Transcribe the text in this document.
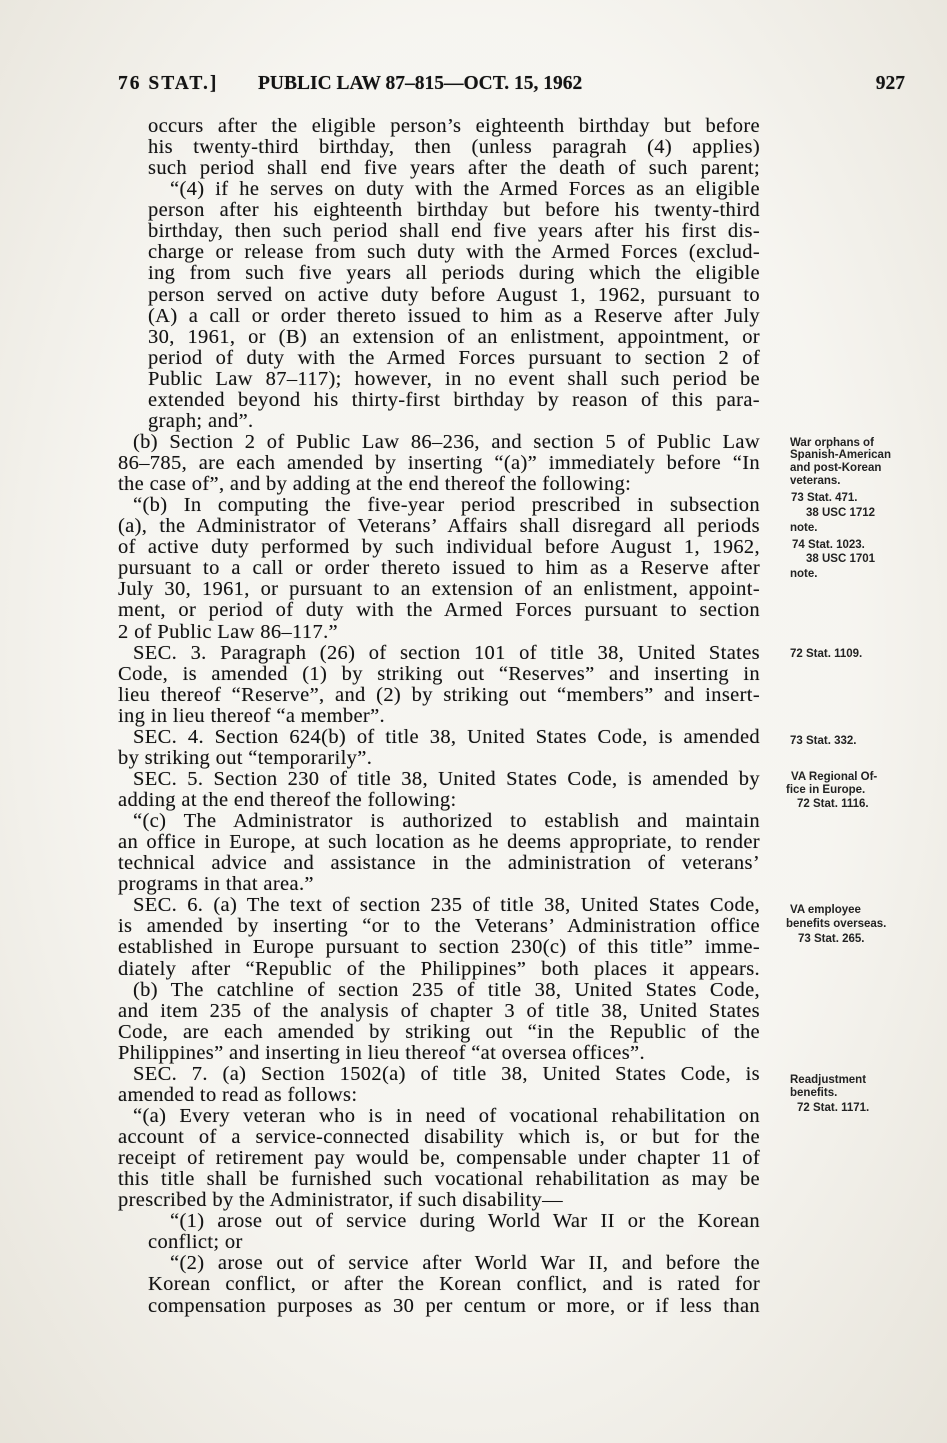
76 STAT.] PUBLIC LAW 87–815—OCT. 15, 1962	927
occurs after the eligible person’s eighteenth birthday but before
his twenty-third birthday, then (unless paragrah (4) applies)
such period shall end five years after the death of such parent;
“(4) if he serves on duty with the Armed Forces as an eligible
person after his eighteenth birthday but before his twenty-third
birthday, then such period shall end five years after his first dis-
charge or release from such duty with the Armed Forces (exclud-
ing from such five years all periods during which the eligible
person served on active duty before August 1, 1962, pursuant to
(A) a call or order thereto issued to him as a Reserve after July
30, 1961, or (B) an extension of an enlistment, appointment, or
period of duty with the Armed Forces pursuant to section 2 of
Public Law 87–117); however, in no event shall such period be
extended beyond his thirty-first birthday by reason of this para-
graph; and”.
(b) Section 2 of Public Law 86–236, and section 5 of Public Law
86–785, are each amended by inserting “(a)” immediately before “In
the case of”, and by adding at the end thereof the following:
“(b) In computing the five-year period prescribed in subsection
(a), the Administrator of Veterans’ Affairs shall disregard all periods
of active duty performed by such individual before August 1, 1962,
pursuant to a call or order thereto issued to him as a Reserve after
July 30, 1961, or pursuant to an extension of an enlistment, appoint-
ment, or period of duty with the Armed Forces pursuant to section
2 of Public Law 86–117.”
SEC. 3. Paragraph (26) of section 101 of title 38, United States
Code, is amended (1) by striking out “Reserves” and inserting in
lieu thereof “Reserve”, and (2) by striking out “members” and insert-
ing in lieu thereof “a member”.
SEC. 4. Section 624(b) of title 38, United States Code, is amended
by striking out “temporarily”.
SEC. 5. Section 230 of title 38, United States Code, is amended by
adding at the end thereof the following:
“(c) The Administrator is authorized to establish and maintain
an office in Europe, at such location as he deems appropriate, to render
technical advice and assistance in the administration of veterans’
programs in that area.”
SEC. 6. (a) The text of section 235 of title 38, United States Code,
is amended by inserting “or to the Veterans’ Administration office
established in Europe pursuant to section 230(c) of this title” imme-
diately after “Republic of the Philippines” both places it appears.
(b) The catchline of section 235 of title 38, United States Code,
and item 235 of the analysis of chapter 3 of title 38, United States
Code, are each amended by striking out “in the Republic of the
Philippines” and inserting in lieu thereof “at oversea offices”.
SEC. 7. (a) Section 1502(a) of title 38, United States Code, is
amended to read as follows:
“(a) Every veteran who is in need of vocational rehabilitation on
account of a service-connected disability which is, or but for the
receipt of retirement pay would be, compensable under chapter 11 of
this title shall be furnished such vocational rehabilitation as may be
prescribed by the Administrator, if such disability—
“(1) arose out of service during World War II or the Korean
conflict; or
“(2) arose out of service after World War II, and before the
Korean conflict, or after the Korean conflict, and is rated for
compensation purposes as 30 per centum or more, or if less than
War orphans of
Spanish-American
and post-Korean
veterans.
73 Stat. 471.
38 USC 1712
note.
74 Stat. 1023.
38 USC 1701
note.
72 Stat. 1109.
73 Stat. 332.
VA Regional Of-
fice in Europe.
72 Stat. 1116.
VA employee
benefits overseas.
73 Stat. 265.
Readjustment
benefits.
72 Stat. 1171.
